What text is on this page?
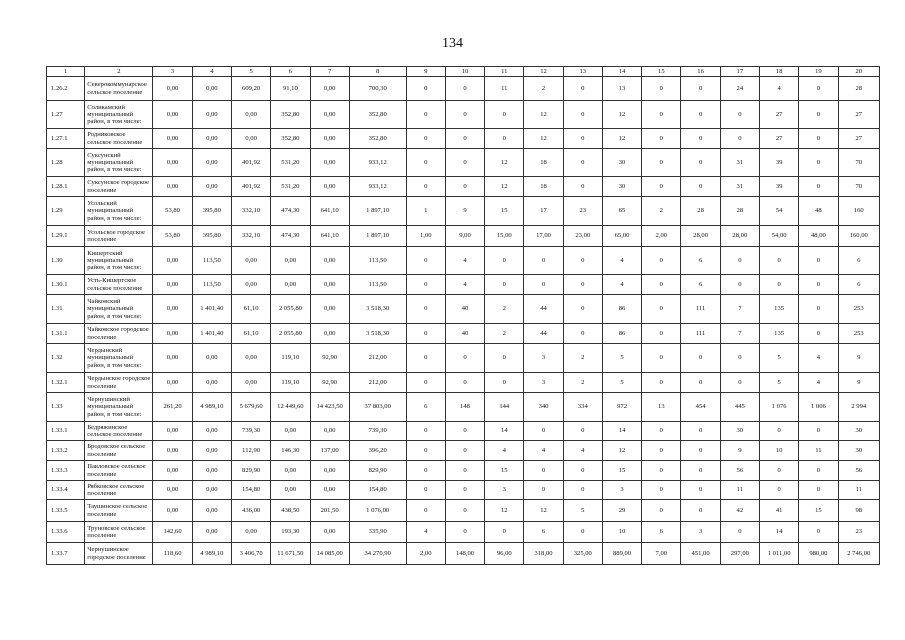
134
1	2	3	4	5	6	7	8	9	10	11	12	13	14	15	16	17	18	19	20
1.26.2	Северокоммунарское сельское поселение	0,00	0,00	609,20	91,10	0,00	700,30	0	0	11	2	0	13	0	0	24	4	0	28
1.27	Соликамский муниципальный район, в том числе:	0,00	0,00	0,00	352,80	0,00	352,80	0	0	0	12	0	12	0	0	0	27	0	27
1.27.1	Родниковское сельское поселение	0,00	0,00	0,00	352,80	0,00	352,80	0	0	0	12	0	12	0	0	0	27	0	27
1.28	Суксунский муниципальный район, в том числе:	0,00	0,00	401,92	531,20	0,00	933,12	0	0	12	18	0	30	0	0	31	39	0	70
1.28.1	Суксунское городское поселение	0,00	0,00	401,92	531,20	0,00	933,12	0	0	12	18	0	30	0	0	31	39	0	70
1.29	Усольский муниципальный район, в том числе:	53,80	395,80	332,10	474,30	641,10	1 897,10	1	9	15	17	23	65	2	28	28	54	48	160
1.29.1	Усольское городское поселение	53,80	395,80	332,10	474,30	641,10	1 897,10	1,00	9,00	15,00	17,00	23,00	65,00	2,00	28,00	28,00	54,00	48,00	160,00
1.30	Кишертский муниципальный район, в том числе:	0,00	113,50	0,00	0,00	0,00	113,50	0	4	0	0	0	4	0	6	0	0	0	6
1.30.1	Усть-Кишертское сельское поселение	0,00	113,50	0,00	0,00	0,00	113,50	0	4	0	0	0	4	0	6	0	0	0	6
1.31	Чайковский муниципальный район, в том числе:	0,00	1 401,40	61,10	2 055,80	0,00	3 518,30	0	40	2	44	0	86	0	111	7	135	0	253
1.31.1	Чайковское городское поселение	0,00	1 401,40	61,10	2 055,80	0,00	3 518,30	0	40	2	44	0	86	0	111	7	135	0	253
1.32	Чердынский муниципальный район, в том числе:	0,00	0,00	0,00	119,10	92,90	212,00	0	0	0	3	2	5	0	0	0	5	4	9
1.32.1	Чердынское городское поселение	0,00	0,00	0,00	119,10	92,90	212,00	0	0	0	3	2	5	0	0	0	5	4	9
1.33	Чернушинский муниципальный район, в том числе:	261,20	4 989,10	5 679,60	12 449,60	14 423,50	37 803,00	6	148	144	340	334	972	13	454	445	1 076	1 006	2 994
1.33.1	Бедряжинское сельское поселение	0,00	0,00	739,30	0,00	0,00	739,30	0	0	14	0	0	14	0	0	30	0	0	30
1.33.2	Бродовское сельское поселение	0,00	0,00	112,90	146,30	137,00	396,20	0	0	4	4	4	12	0	0	9	10	11	30
1.33.3	Павловское сельское поселение	0,00	0,00	829,90	0,00	0,00	829,90	0	0	15	0	0	15	0	0	56	0	0	56
1.33.4	Рябковское сельское поселение	0,00	0,00	154,80	0,00	0,00	154,80	0	0	3	0	0	3	0	0	11	0	0	11
1.33.5	Таушинское сельское поселение	0,00	0,00	436,00	438,50	201,50	1 076,00	0	0	12	12	5	29	0	0	42	41	15	98
1.33.6	Труновское сельское поселение	142,60	0,00	0,00	193,30	0,00	335,90	4	0	0	6	0	10	6	3	0	14	0	23
1.33.7	Чернушинское городское поселение	118,60	4 989,10	3 406,70	11 671,50	14 085,00	34 270,90	2,00	148,00	96,00	318,00	325,00	889,00	7,00	451,00	297,00	1 011,00	980,00	2 746,00
